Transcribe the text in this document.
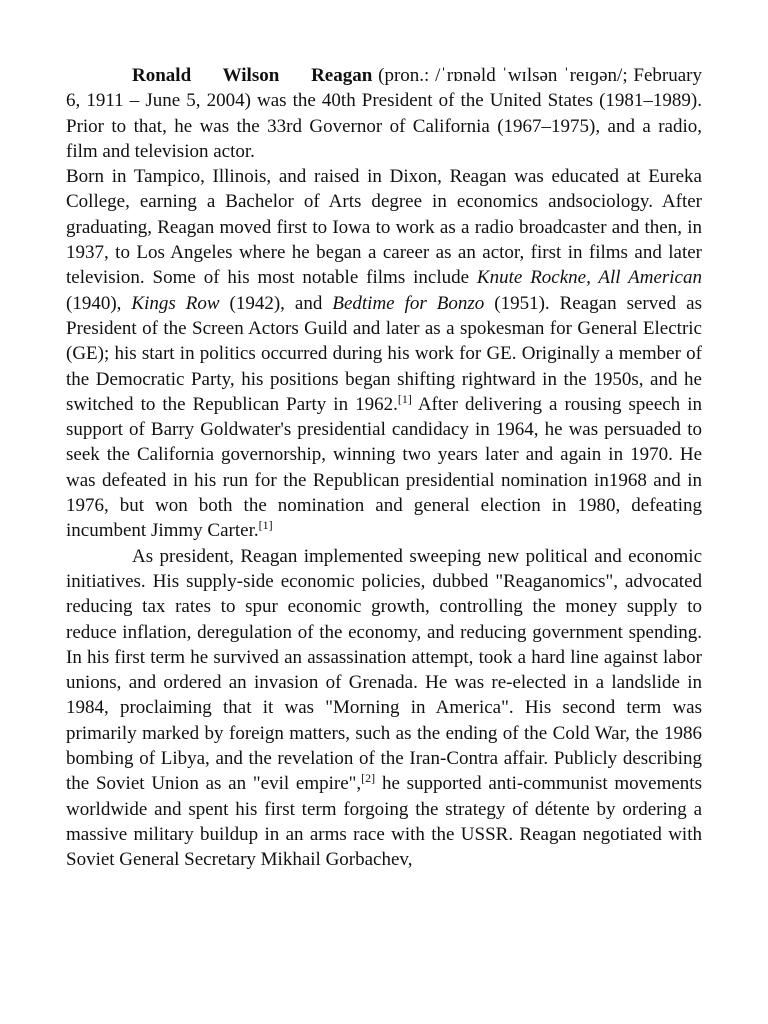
Ronald Wilson Reagan (pron.: /ˈrɒnəld ˈwɪlsən ˈreɪɡən/; February 6, 1911 – June 5, 2004) was the 40th President of the United States (1981–1989). Prior to that, he was the 33rd Governor of California (1967–1975), and a radio, film and television actor.

Born in Tampico, Illinois, and raised in Dixon, Reagan was educated at Eureka College, earning a Bachelor of Arts degree in economics andsociology. After graduating, Reagan moved first to Iowa to work as a radio broadcaster and then, in 1937, to Los Angeles where he began a career as an actor, first in films and later television. Some of his most notable films include Knute Rockne, All American (1940), Kings Row (1942), and Bedtime for Bonzo (1951). Reagan served as President of the Screen Actors Guild and later as a spokesman for General Electric (GE); his start in politics occurred during his work for GE. Originally a member of the Democratic Party, his positions began shifting rightward in the 1950s, and he switched to the Republican Party in 1962.[1] After delivering a rousing speech in support of Barry Goldwater's presidential candidacy in 1964, he was persuaded to seek the California governorship, winning two years later and again in 1970. He was defeated in his run for the Republican presidential nomination in1968 and in 1976, but won both the nomination and general election in 1980, defeating incumbent Jimmy Carter.[1]

As president, Reagan implemented sweeping new political and economic initiatives. His supply-side economic policies, dubbed "Reaganomics", advocated reducing tax rates to spur economic growth, controlling the money supply to reduce inflation, deregulation of the economy, and reducing government spending. In his first term he survived an assassination attempt, took a hard line against labor unions, and ordered an invasion of Grenada. He was re-elected in a landslide in 1984, proclaiming that it was "Morning in America". His second term was primarily marked by foreign matters, such as the ending of the Cold War, the 1986 bombing of Libya, and the revelation of the Iran-Contra affair. Publicly describing the Soviet Union as an "evil empire",[2] he supported anti-communist movements worldwide and spent his first term forgoing the strategy of détente by ordering a massive military buildup in an arms race with the USSR. Reagan negotiated with Soviet General Secretary Mikhail Gorbachev,
